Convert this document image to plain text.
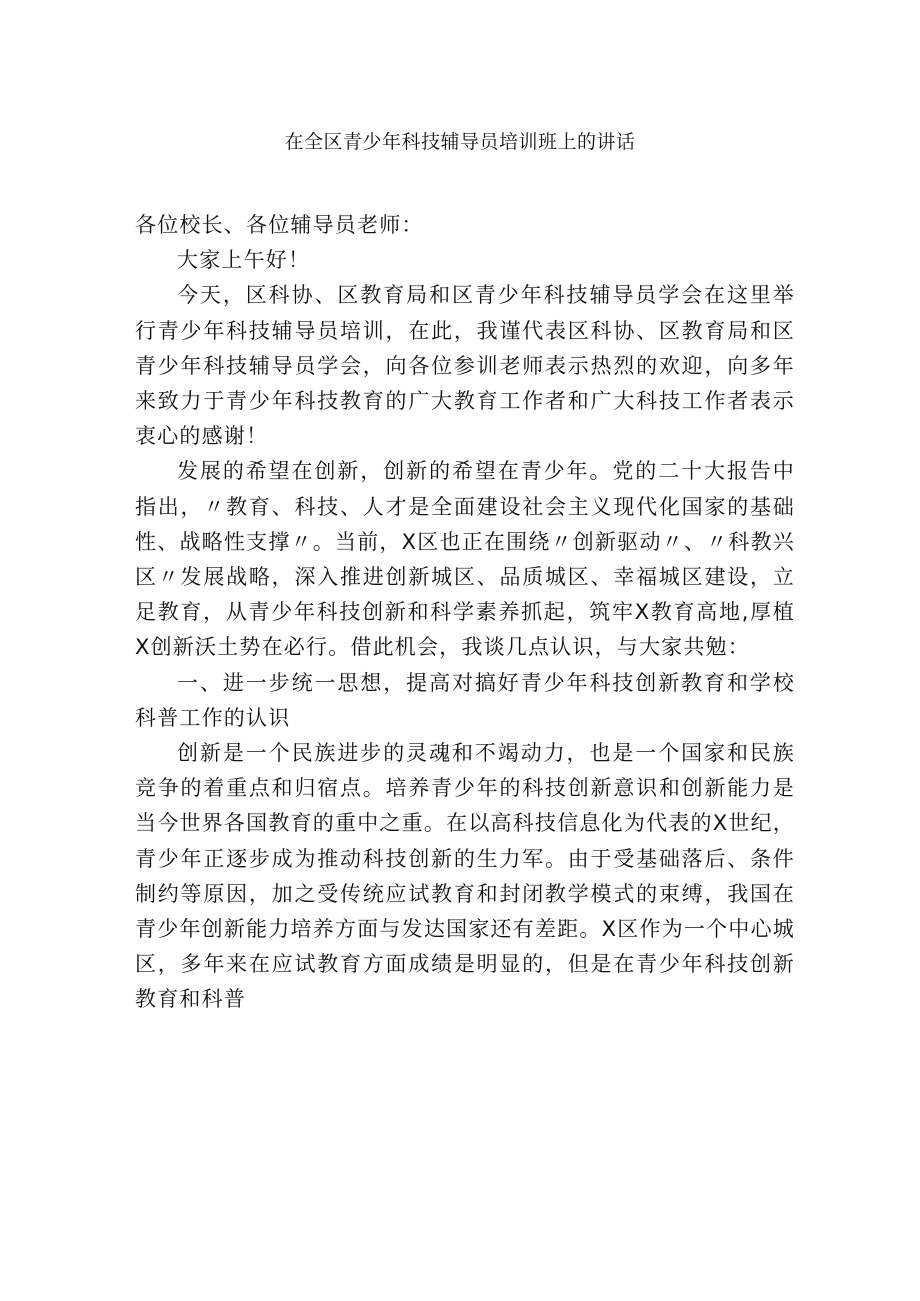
在全区青少年科技辅导员培训班上的讲话

各位校长、各位辅导员老师：

大家上午好！

今天，区科协、区教育局和区青少年科技辅导员学会在这里举行青少年科技辅导员培训，在此，我谨代表区科协、区教育局和区青少年科技辅导员学会，向各位参训老师表示热烈的欢迎，向多年来致力于青少年科技教育的广大教育工作者和广大科技工作者表示衷心的感谢！

发展的希望在创新，创新的希望在青少年。党的二十大报告中指出，〃教育、科技、人才是全面建设社会主义现代化国家的基础性、战略性支撑〃。当前，X区也正在围绕〃创新驱动〃、〃科教兴区〃发展战略，深入推进创新城区、品质城区、幸福城区建设，立足教育，从青少年科技创新和科学素养抓起，筑牢X教育高地,厚植X创新沃土势在必行。借此机会，我谈几点认识，与大家共勉：

一、进一步统一思想，提高对搞好青少年科技创新教育和学校科普工作的认识

创新是一个民族进步的灵魂和不竭动力，也是一个国家和民族竞争的着重点和归宿点。培养青少年的科技创新意识和创新能力是当今世界各国教育的重中之重。在以高科技信息化为代表的X世纪，青少年正逐步成为推动科技创新的生力军。由于受基础落后、条件制约等原因，加之受传统应试教育和封闭教学模式的束缚，我国在青少年创新能力培养方面与发达国家还有差距。X区作为一个中心城区，多年来在应试教育方面成绩是明显的，但是在青少年科技创新教育和科普
